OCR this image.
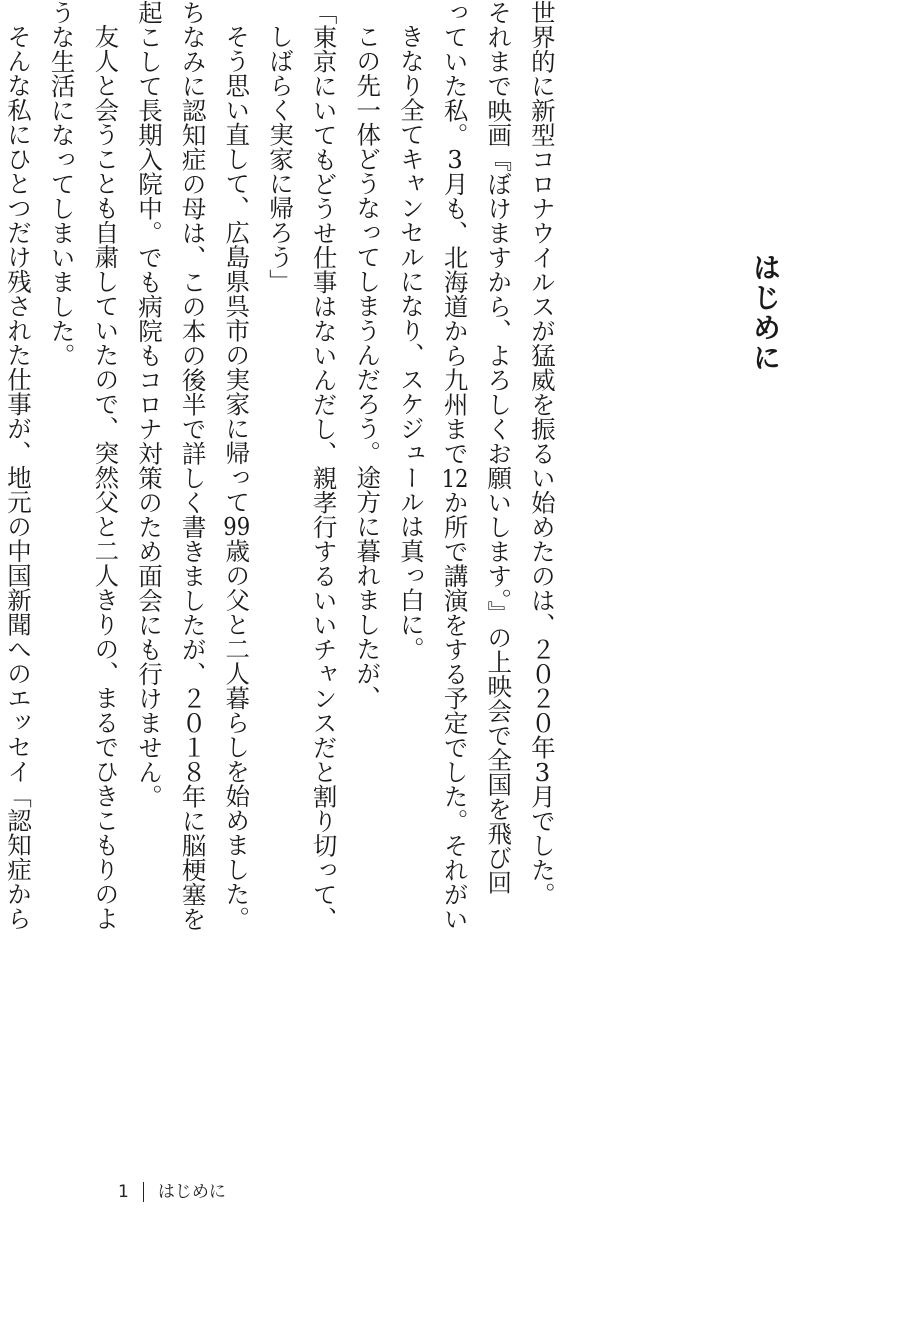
はじめに

世界的に新型コロナウイルスが猛威を振るい始めたのは、２０２０年3月でした。

それまで映画『ぼけますから、よろしくお願いします。』の上映会で全国を飛び回

っていた私。3月も、北海道から九州まで12か所で講演をする予定でした。それがい

きなり全てキャンセルになり、スケジュールは真っ白に。

この先一体どうなってしまうんだろう。途方に暮れましたが、

「東京にいてもどうせ仕事はないんだし、親孝行するいいチャンスだと割り切って、

しばらく実家に帰ろう」

そう思い直して、広島県呉市の実家に帰って99歳の父と二人暮らしを始めました。

ちなみに認知症の母は、この本の後半で詳しく書きましたが、２０１８年に脳梗塞を

起こして長期入院中。でも病院もコロナ対策のため面会にも行けません。

友人と会うことも自粛していたので、突然父と二人きりの、まるでひきこもりのよ

うな生活になってしまいました。

そんな私にひとつだけ残された仕事が、地元の中国新聞へのエッセイ「認知症から

1 はじめに
